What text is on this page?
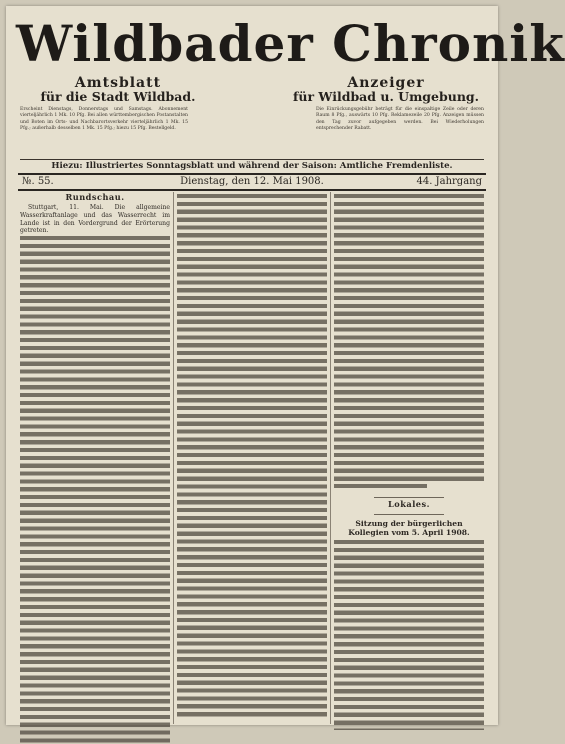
Wildbader Chronik
Amtsblatt
für die Stadt Wildbad.
Anzeiger
für Wildbad u. Umgebung.
Erscheint Dienstags, Donnerstags und Samstags. Abonnement vierteljährlich 1 Mk. 10 Pfg. Bei allen württembergischen Postanstalten und Boten im Orts- und Nachbarortsverkehr vierteljährlich 1 Mk. 15 Pfg.; außerhalb desselben 1 Mk. 15 Pfg.; hiezu 15 Pfg. Bestellgeld.
Die Einrückungsgebühr beträgt für die einspaltige Zeile oder deren Raum 8 Pfg., auswärts 10 Pfg. Reklamezeile 20 Pfg. Anzeigen müssen den Tag zuvor aufgegeben werden. Bei Wiederholungen entsprechender Rabatt.
Hiezu: Illustriertes Sonntagsblatt und während der Saison: Amtliche Fremdenliste.
Dienstag, den 12. Mai 1908.
№. 55.	44. Jahrgang
Rundschau.

Stuttgart, 11. Mai. Die allgemeine Wasserkraftanlage und das Wasserrecht im Lande ist in den Vordergrund der Erörterung getreten.

Lokales.
Sitzung der bürgerlichen Kollegien vom 5. April 1908.
